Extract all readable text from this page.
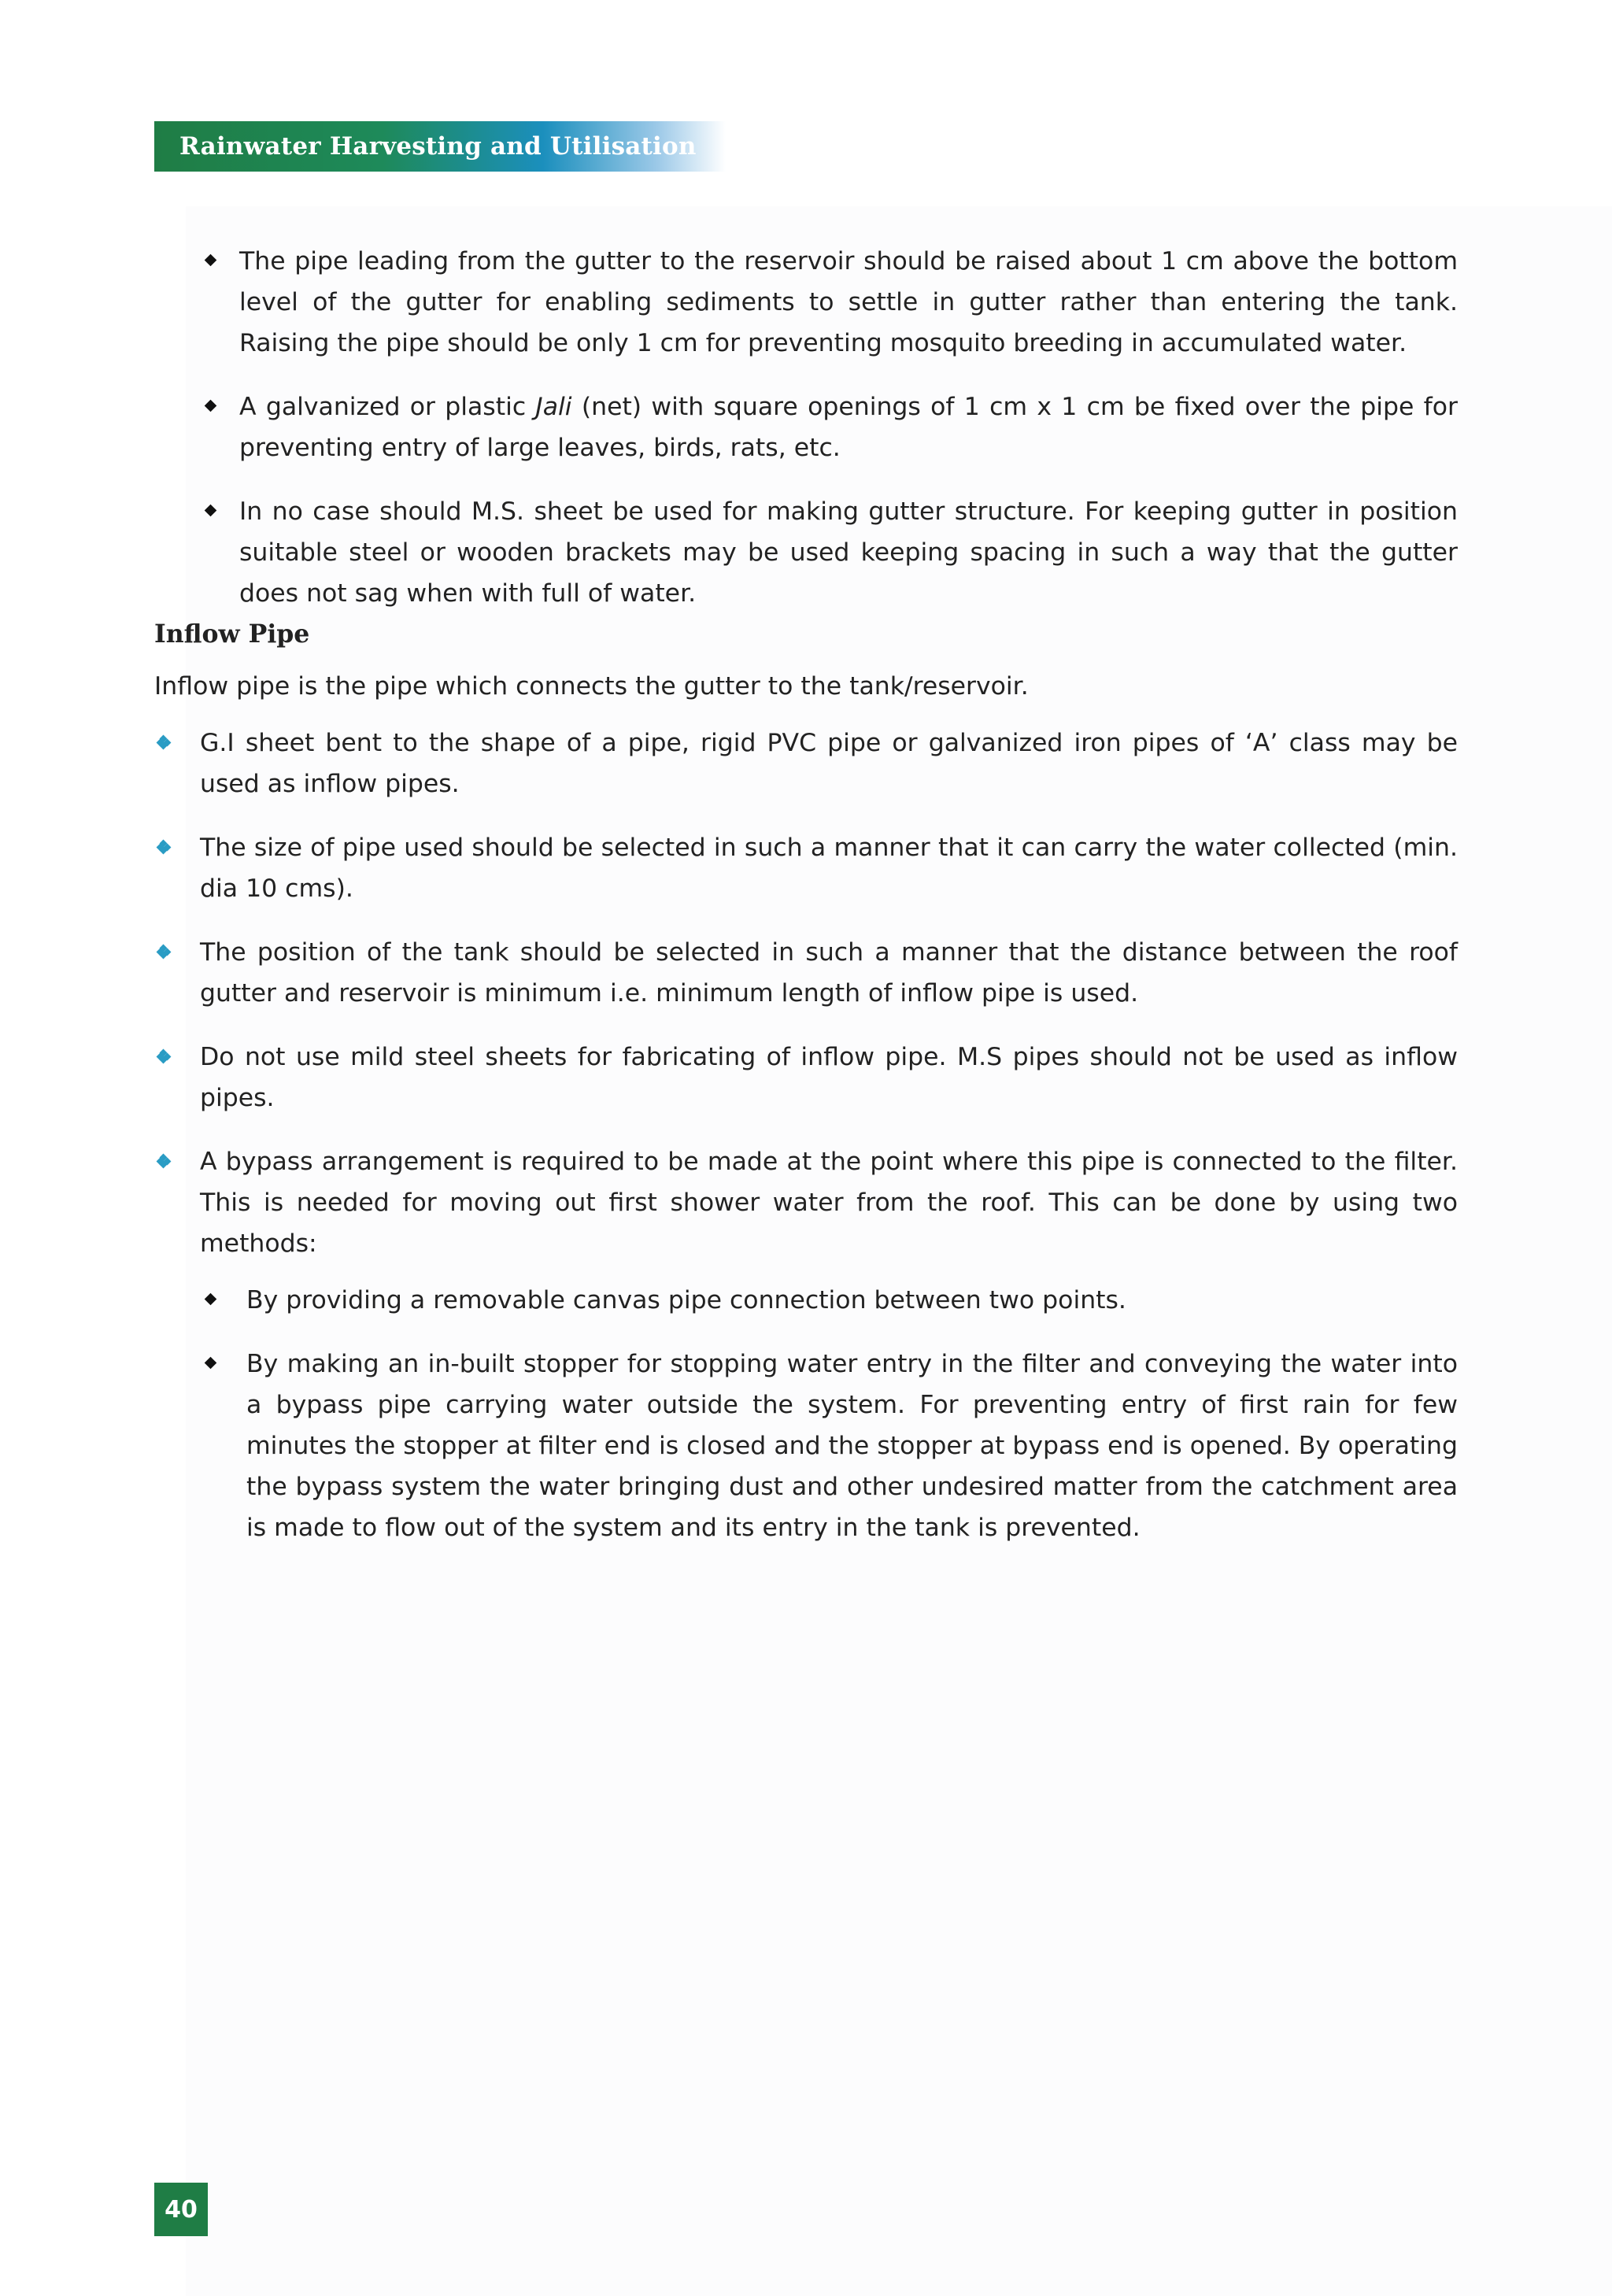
Rainwater Harvesting and Utilisation

The pipe leading from the gutter to the reservoir should be raised about 1 cm above the bottom level of the gutter for enabling sediments to settle in gutter rather than entering the tank. Raising the pipe should be only 1 cm for preventing mosquito breeding in accumulated water.

A galvanized or plastic Jali (net) with square openings of 1 cm x 1 cm be fixed over the pipe for preventing entry of large leaves, birds, rats, etc.

In no case should M.S. sheet be used for making gutter structure. For keeping gutter in position suitable steel or wooden brackets may be used keeping spacing in such a way that the gutter does not sag when with full of water.

Inflow Pipe

Inflow pipe is the pipe which connects the gutter to the tank/reservoir.

G.I sheet bent to the shape of a pipe, rigid PVC pipe or galvanized iron pipes of ‘A’ class may be used as inflow pipes.

The size of pipe used should be selected in such a manner that it can carry the water collected (min. dia 10 cms).

The position of the tank should be selected in such a manner that the distance between the roof gutter and reservoir is minimum i.e. minimum length of inflow pipe is used.

Do not use mild steel sheets for fabricating of inflow pipe. M.S pipes should not be used as inflow pipes.

A bypass arrangement is required to be made at the point where this pipe is connected to the filter. This is needed for moving out first shower water from the roof. This can be done by using two methods:

By providing a removable canvas pipe connection between two points.

By making an in-built stopper for stopping water entry in the filter and conveying the water into a bypass pipe carrying water outside the system. For preventing entry of first rain for few minutes the stopper at filter end is closed and the stopper at bypass end is opened. By operating the bypass system the water bringing dust and other undesired matter from the catchment area is made to flow out of the system and its entry in the tank is prevented.

40
